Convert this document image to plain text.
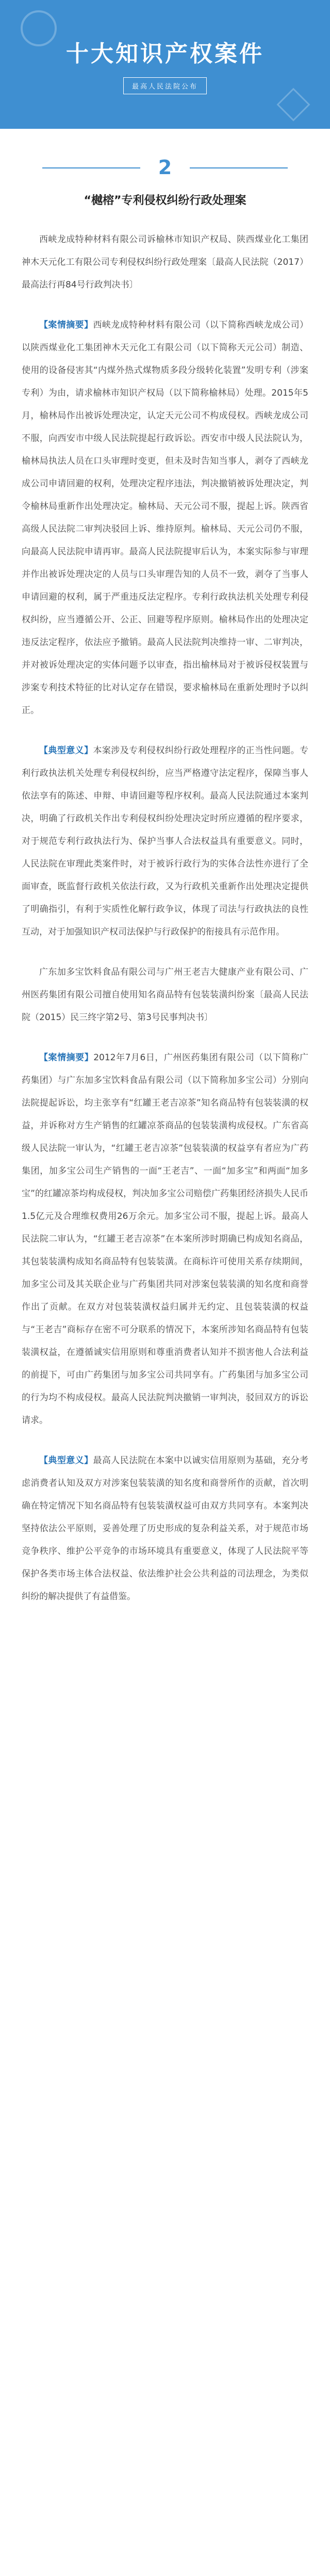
十大知识产权案件
最高人民法院公布
2
“樾榕”专利侵权纠纷行政处理案

西峡龙成特种材料有限公司诉榆林市知识产权局、陕西煤业化工集团神木天元化工有限公司专利侵权纠纷行政处理案〔最高人民法院（2017）最高法行再84号行政判决书〕

【案情摘要】西峡龙成特种材料有限公司（以下简称西峡龙成公司）以陕西煤业化工集团神木天元化工有限公司（以下简称天元公司）制造、使用的设备侵害其“内煤外热式煤物质多段分级转化装置”发明专利（涉案专利）为由，请求榆林市知识产权局（以下简称榆林局）处理。2015年5月，榆林局作出被诉处理决定，认定天元公司不构成侵权。西峡龙成公司不服，向西安市中级人民法院提起行政诉讼。西安市中级人民法院认为，榆林局执法人员在口头审理时变更，但未及时告知当事人，剥夺了西峡龙成公司申请回避的权利，处理决定程序违法，判决撤销被诉处理决定，判令榆林局重新作出处理决定。榆林局、天元公司不服，提起上诉。陕西省高级人民法院二审判决驳回上诉、维持原判。榆林局、天元公司仍不服，向最高人民法院申请再审。最高人民法院提审后认为，本案实际参与审理并作出被诉处理决定的人员与口头审理告知的人员不一致，剥夺了当事人申请回避的权利，属于严重违反法定程序。专利行政执法机关处理专利侵权纠纷，应当遵循公开、公正、回避等程序原则。榆林局作出的处理决定违反法定程序，依法应予撤销。最高人民法院判决维持一审、二审判决，并对被诉处理决定的实体问题予以审查，指出榆林局对于被诉侵权装置与涉案专利技术特征的比对认定存在错误，要求榆林局在重新处理时予以纠正。

【典型意义】本案涉及专利侵权纠纷行政处理程序的正当性问题。专利行政执法机关处理专利侵权纠纷，应当严格遵守法定程序，保障当事人依法享有的陈述、申辩、申请回避等程序权利。最高人民法院通过本案判决，明确了行政机关作出专利侵权纠纷处理决定时所应遵循的程序要求，对于规范专利行政执法行为、保护当事人合法权益具有重要意义。同时，人民法院在审理此类案件时，对于被诉行政行为的实体合法性亦进行了全面审查，既监督行政机关依法行政，又为行政机关重新作出处理决定提供了明确指引，有利于实质性化解行政争议，体现了司法与行政执法的良性互动，对于加强知识产权司法保护与行政保护的衔接具有示范作用。

广东加多宝饮料食品有限公司与广州王老吉大健康产业有限公司、广州医药集团有限公司擅自使用知名商品特有包装装潢纠纷案〔最高人民法院（2015）民三终字第2号、第3号民事判决书〕

【案情摘要】2012年7月6日，广州医药集团有限公司（以下简称广药集团）与广东加多宝饮料食品有限公司（以下简称加多宝公司）分别向法院提起诉讼，均主张享有“红罐王老吉凉茶”知名商品特有包装装潢的权益，并诉称对方生产销售的红罐凉茶商品的包装装潢构成侵权。广东省高级人民法院一审认为，“红罐王老吉凉茶”包装装潢的权益享有者应为广药集团，加多宝公司生产销售的一面“王老吉”、一面“加多宝”和两面“加多宝”的红罐凉茶均构成侵权，判决加多宝公司赔偿广药集团经济损失人民币1.5亿元及合理维权费用26万余元。加多宝公司不服，提起上诉。最高人民法院二审认为，“红罐王老吉凉茶”在本案所涉时期确已构成知名商品，其包装装潢构成知名商品特有包装装潢。在商标许可使用关系存续期间，加多宝公司及其关联企业与广药集团共同对涉案包装装潢的知名度和商誉作出了贡献。在双方对包装装潢权益归属并无约定、且包装装潢的权益与“王老吉”商标存在密不可分联系的情况下，本案所涉知名商品特有包装装潢权益，在遵循诚实信用原则和尊重消费者认知并不损害他人合法利益的前提下，可由广药集团与加多宝公司共同享有。广药集团与加多宝公司的行为均不构成侵权。最高人民法院判决撤销一审判决，驳回双方的诉讼请求。

【典型意义】最高人民法院在本案中以诚实信用原则为基础，充分考虑消费者认知及双方对涉案包装装潢的知名度和商誉所作的贡献，首次明确在特定情况下知名商品特有包装装潢权益可由双方共同享有。本案判决坚持依法公平原则，妥善处理了历史形成的复杂利益关系，对于规范市场竞争秩序、维护公平竞争的市场环境具有重要意义，体现了人民法院平等保护各类市场主体合法权益、依法维护社会公共利益的司法理念，为类似纠纷的解决提供了有益借鉴。
